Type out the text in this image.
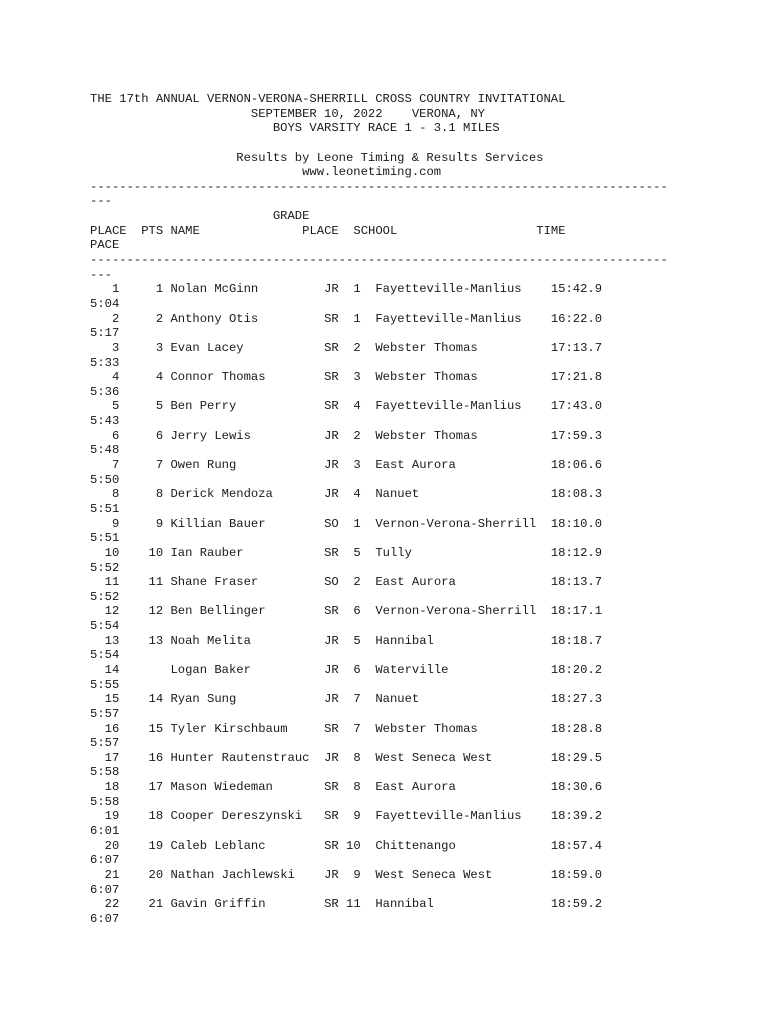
THE 17th ANNUAL VERNON-VERONA-SHERRILL CROSS COUNTRY INVITATIONAL
SEPTEMBER 10, 2022 VERONA, NY
BOYS VARSITY RACE 1 - 3.1 MILES

Results by Leone Timing & Results Services
www.leonetiming.com
-------------------------------------------------------------------------------
---
GRADE
PLACE PTS NAME	PLACE SCHOOL	TIME
PACE
-------------------------------------------------------------------------------
---
1     1 Nolan McGinn         JR  1 Fayetteville-Manlius    15:42.9
5:04
2     2 Anthony Otis         SR  1 Fayetteville-Manlius    16:22.0
5:17
3     3 Evan Lacey           SR  2 Webster Thomas          17:13.7
5:33
4     4 Connor Thomas        SR  3 Webster Thomas          17:21.8
5:36
5     5 Ben Perry            SR  4 Fayetteville-Manlius    17:43.0
5:43
6     6 Jerry Lewis          JR  2 Webster Thomas          17:59.3
5:48
7     7 Owen Rung            JR  3 East Aurora             18:06.6
5:50
8     8 Derick Mendoza       JR  4 Nanuet                  18:08.3
5:51
9     9 Killian Bauer        SO  1 Vernon-Verona-Sherrill  18:10.0
5:51
10    10 Ian Rauber           SR  5 Tully                   18:12.9
5:52
11    11 Shane Fraser         SO  2 East Aurora             18:13.7
5:52
12    12 Ben Bellinger        SR  6 Vernon-Verona-Sherrill  18:17.1
5:54
13    13 Noah Melita          JR  5 Hannibal                18:18.7
5:54
14	Logan Baker          JR  6 Waterville              18:20.2
5:55
15    14 Ryan Sung            JR  7 Nanuet                  18:27.3
5:57
16    15 Tyler Kirschbaum     SR  7 Webster Thomas          18:28.8
5:57
17    16 Hunter Rautenstrauc  JR  8 West Seneca West        18:29.5
5:58
18    17 Mason Wiedeman       SR  8 East Aurora             18:30.6
5:58
19    18 Cooper Dereszynski   SR  9 Fayetteville-Manlius    18:39.2
6:01
20    19 Caleb Leblanc        SR 10 Chittenango             18:57.4
6:07
21    20 Nathan Jachlewski    JR  9 West Seneca West        18:59.0
6:07
22    21 Gavin Griffin        SR 11 Hannibal                18:59.2
6:07
